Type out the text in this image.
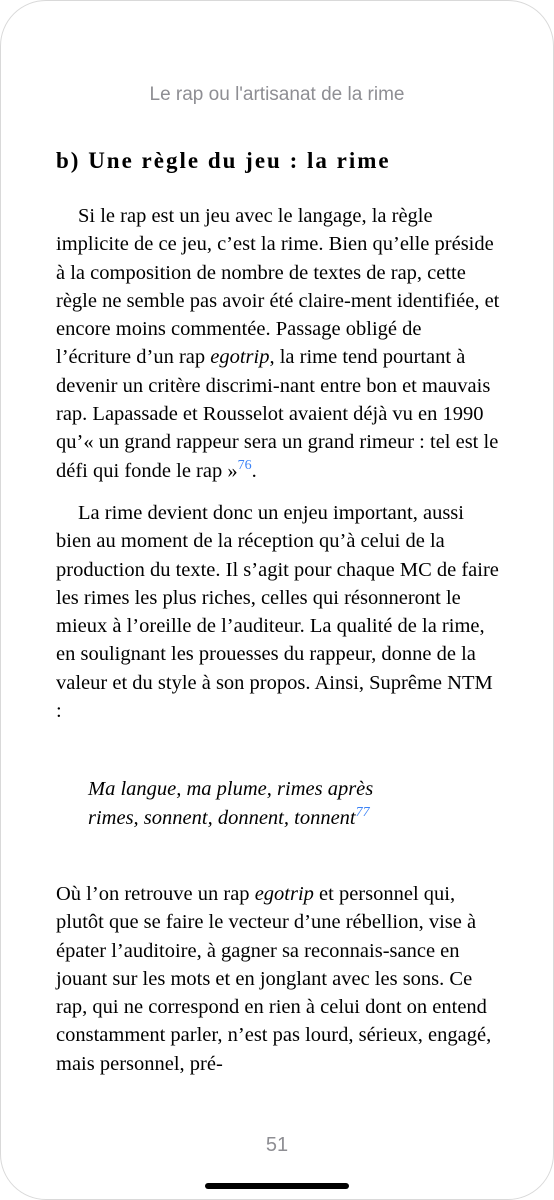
Le rap ou l'artisanat de la rime
b) Une règle du jeu : la rime

Si le rap est un jeu avec le langage, la règle implicite de ce jeu, c’est la rime. Bien qu’elle préside à la composition de nombre de textes de rap, cette règle ne semble pas avoir été claire-ment identifiée, et encore moins commentée. Passage obligé de l’écriture d’un rap egotrip, la rime tend pourtant à devenir un critère discrimi-nant entre bon et mauvais rap. Lapassade et Rousselot avaient déjà vu en 1990 qu’« un grand rappeur sera un grand rimeur : tel est le défi qui fonde le rap »$^{76}$.

La rime devient donc un enjeu important, aussi bien au moment de la réception qu’à celui de la production du texte. Il s’agit pour chaque MC de faire les rimes les plus riches, celles qui résonneront le mieux à l’oreille de l’auditeur. La qualité de la rime, en soulignant les prouesses du rappeur, donne de la valeur et du style à son propos. Ainsi, Suprême NTM :

Ma langue, ma plume, rimes après
rimes, sonnent, donnent, tonnent$^{77}$

Où l’on retrouve un rap egotrip et personnel qui, plutôt que se faire le vecteur d’une rébellion, vise à épater l’auditoire, à gagner sa reconnais-sance en jouant sur les mots et en jonglant avec les sons. Ce rap, qui ne correspond en rien à celui dont on entend constamment parler, n’est pas lourd, sérieux, engagé, mais personnel, pré-

51
